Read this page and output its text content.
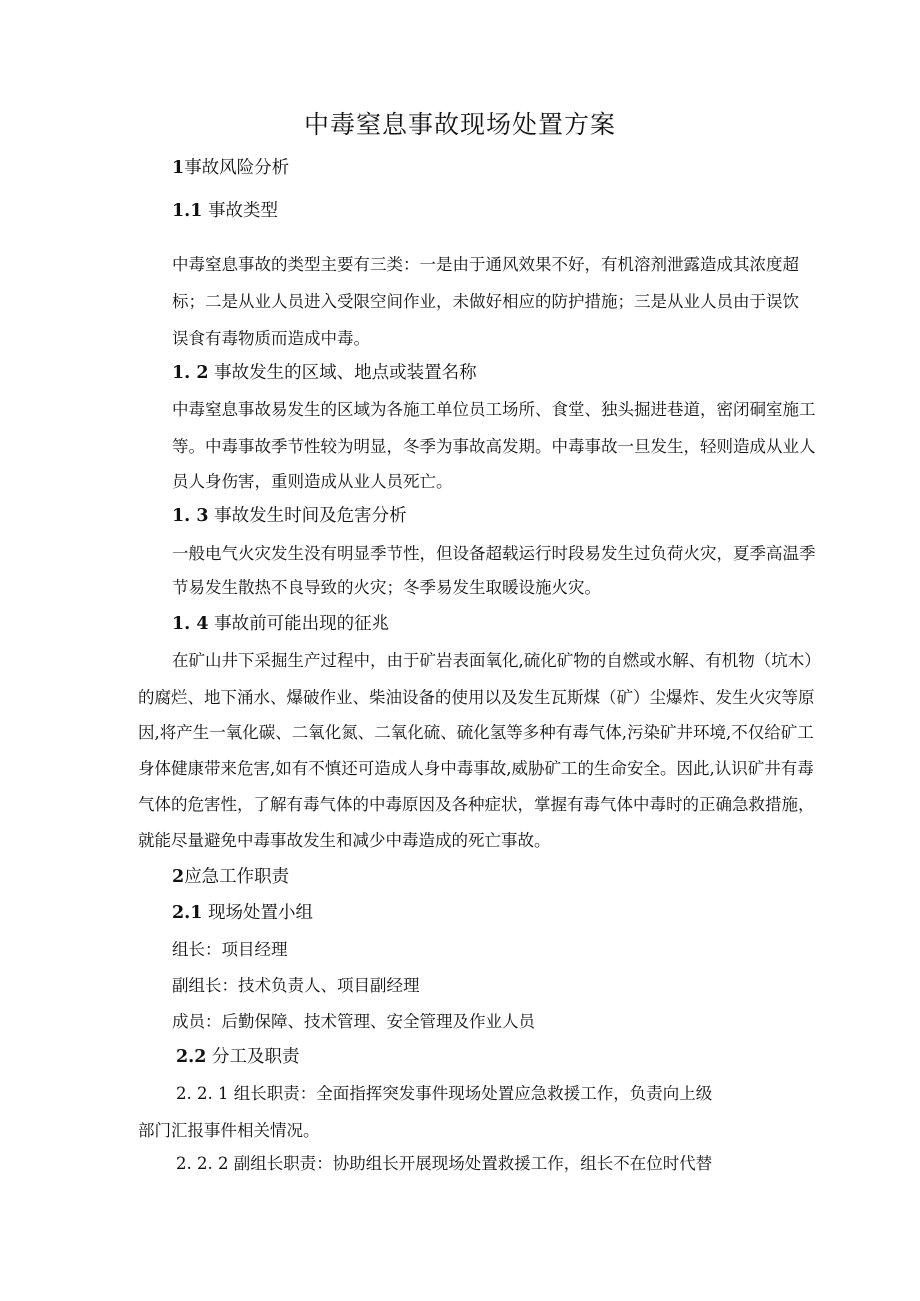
中毒窒息事故现场处置方案
1事故风险分析
1.1 事故类型
中毒窒息事故的类型主要有三类：一是由于通风效果不好，有机溶剂泄露造成其浓度超
标；二是从业人员进入受限空间作业，未做好相应的防护措施；三是从业人员由于误饮
误食有毒物质而造成中毒。
1. 2 事故发生的区域、地点或装置名称
中毒窒息事故易发生的区域为各施工单位员工场所、食堂、独头掘进巷道，密闭硐室施工
等。中毒事故季节性较为明显，冬季为事故高发期。中毒事故一旦发生，轻则造成从业人
员人身伤害，重则造成从业人员死亡。
1. 3 事故发生时间及危害分析
一般电气火灾发生没有明显季节性，但设备超载运行时段易发生过负荷火灾，夏季高温季
节易发生散热不良导致的火灾；冬季易发生取暖设施火灾。
1. 4 事故前可能出现的征兆
在矿山井下采掘生产过程中，由于矿岩表面氧化,硫化矿物的自燃或水解、有机物（坑木）
的腐烂、地下涌水、爆破作业、柴油设备的使用以及发生瓦斯煤（矿）尘爆炸、发生火灾等原
因,将产生一氧化碳、二氧化氮、二氧化硫、硫化氢等多种有毒气体,污染矿井环境,不仅给矿工
身体健康带来危害,如有不慎还可造成人身中毒事故,威胁矿工的生命安全。因此,认识矿井有毒
气体的危害性，了解有毒气体的中毒原因及各种症状，掌握有毒气体中毒时的正确急救措施，
就能尽量避免中毒事故发生和减少中毒造成的死亡事故。
2应急工作职责
2.1 现场处置小组
组长：项目经理
副组长：技术负责人、项目副经理
成员：后勤保障、技术管理、安全管理及作业人员
2.2 分工及职责
2. 2. 1 组长职责：全面指挥突发事件现场处置应急救援工作，负责向上级
部门汇报事件相关情况。
2. 2. 2 副组长职责：协助组长开展现场处置救援工作，组长不在位时代替
